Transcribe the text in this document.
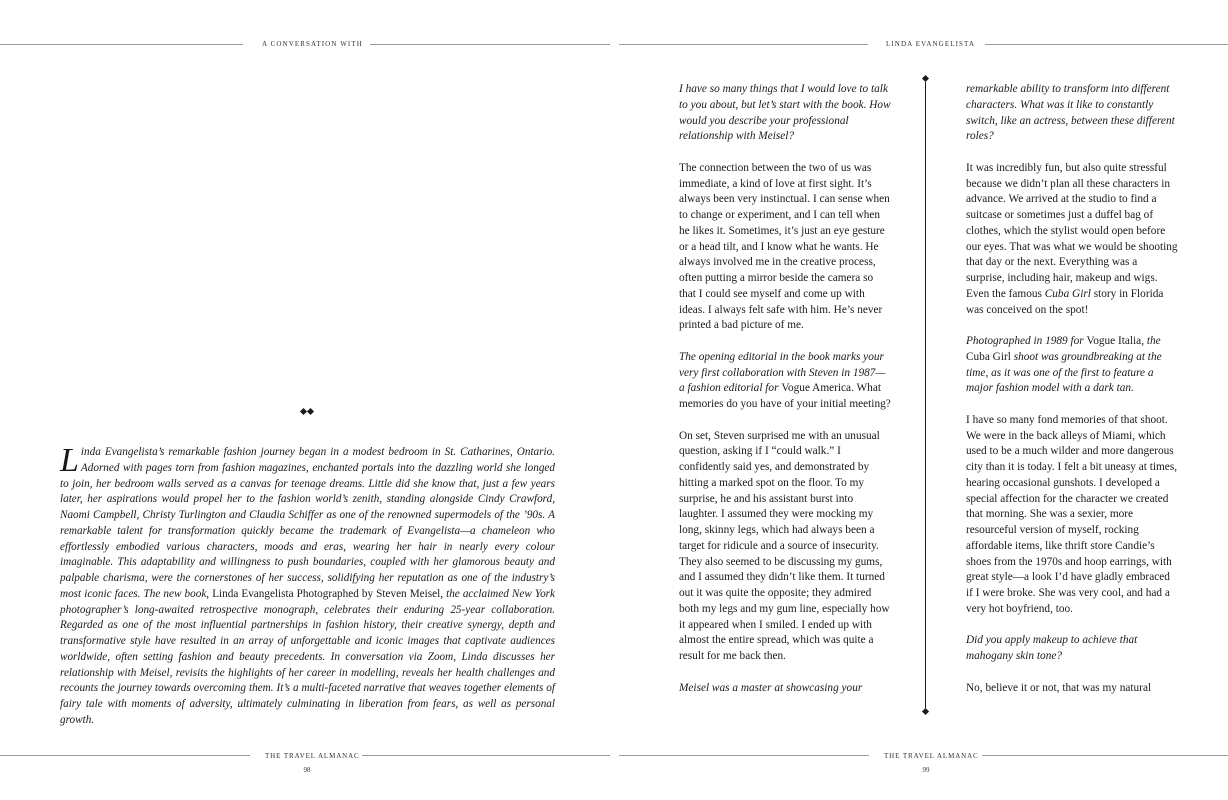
A CONVERSATION WITH	LINDA EVANGELISTA
Linda Evangelista’s remarkable fashion journey began in a modest bedroom in St. Catharines, Ontario. Adorned with pages torn from fashion magazines, enchanted portals into the dazzling world she longed to join, her bedroom walls served as a canvas for teenage dreams. Little did she know that, just a few years later, her aspirations would propel her to the fashion world’s zenith, standing alongside Cindy Crawford, Naomi Campbell, Christy Turlington and Claudia Schiffer as one of the renowned supermodels of the ’90s. A remarkable talent for transformation quickly became the trademark of Evangelista—a chameleon who effortlessly embodied various characters, moods and eras, wearing her hair in nearly every colour imaginable. This adaptability and willingness to push boundaries, coupled with her glamorous beauty and palpable charisma, were the cornerstones of her success, solidifying her reputation as one of the industry’s most iconic faces. The new book, Linda Evangelista Photographed by Steven Meisel, the acclaimed New York photographer’s long-awaited retrospective monograph, celebrates their enduring 25-year collaboration. Regarded as one of the most influential partnerships in fashion history, their creative synergy, depth and transformative style have resulted in an array of unforgettable and iconic images that captivate audiences worldwide, often setting fashion and beauty precedents. In conversation via Zoom, Linda discusses her relationship with Meisel, revisits the highlights of her career in modelling, reveals her health challenges and recounts the journey towards overcoming them. It’s a multi-faceted narrative that weaves together elements of fairy tale with moments of adversity, ultimately culminating in liberation from fears, as well as personal growth.

I have so many things that I would love to talk to you about, but let’s start with the book. How would you describe your professional relationship with Meisel?

The connection between the two of us was immediate, a kind of love at first sight. It’s always been very instinctual. I can sense when to change or experiment, and I can tell when he likes it. Sometimes, it’s just an eye gesture or a head tilt, and I know what he wants. He always involved me in the creative process, often putting a mirror beside the camera so that I could see myself and come up with ideas. I always felt safe with him. He’s never printed a bad picture of me.

The opening editorial in the book marks your very first collaboration with Steven in 1987—a fashion editorial for Vogue America. What memories do you have of your initial meeting?

On set, Steven surprised me with an unusual question, asking if I “could walk.” I confidently said yes, and demonstrated by hitting a marked spot on the floor. To my surprise, he and his assistant burst into laughter. I assumed they were mocking my long, skinny legs, which had always been a target for ridicule and a source of insecurity. They also seemed to be discussing my gums, and I assumed they didn’t like them. It turned out it was quite the opposite; they admired both my legs and my gum line, especially how it appeared when I smiled. I ended up with almost the entire spread, which was quite a result for me back then.

Meisel was a master at showcasing your

remarkable ability to transform into different characters. What was it like to constantly switch, like an actress, between these different roles?

It was incredibly fun, but also quite stressful because we didn’t plan all these characters in advance. We arrived at the studio to find a suitcase or sometimes just a duffel bag of clothes, which the stylist would open before our eyes. That was what we would be shooting that day or the next. Everything was a surprise, including hair, makeup and wigs. Even the famous Cuba Girl story in Florida was conceived on the spot!

Photographed in 1989 for Vogue Italia, the Cuba Girl shoot was groundbreaking at the time, as it was one of the first to feature a major fashion model with a dark tan.

I have so many fond memories of that shoot. We were in the back alleys of Miami, which used to be a much wilder and more dangerous city than it is today. I felt a bit uneasy at times, hearing occasional gunshots. I developed a special affection for the character we created that morning. She was a sexier, more resourceful version of myself, rocking affordable items, like thrift store Candie’s shoes from the 1970s and hoop earrings, with great style—a look I’d have gladly embraced if I were broke. She was very cool, and had a very hot boyfriend, too.

Did you apply makeup to achieve that mahogany skin tone?

No, believe it or not, that was my natural

THE TRAVEL ALMANAC
98
THE TRAVEL ALMANAC
99
